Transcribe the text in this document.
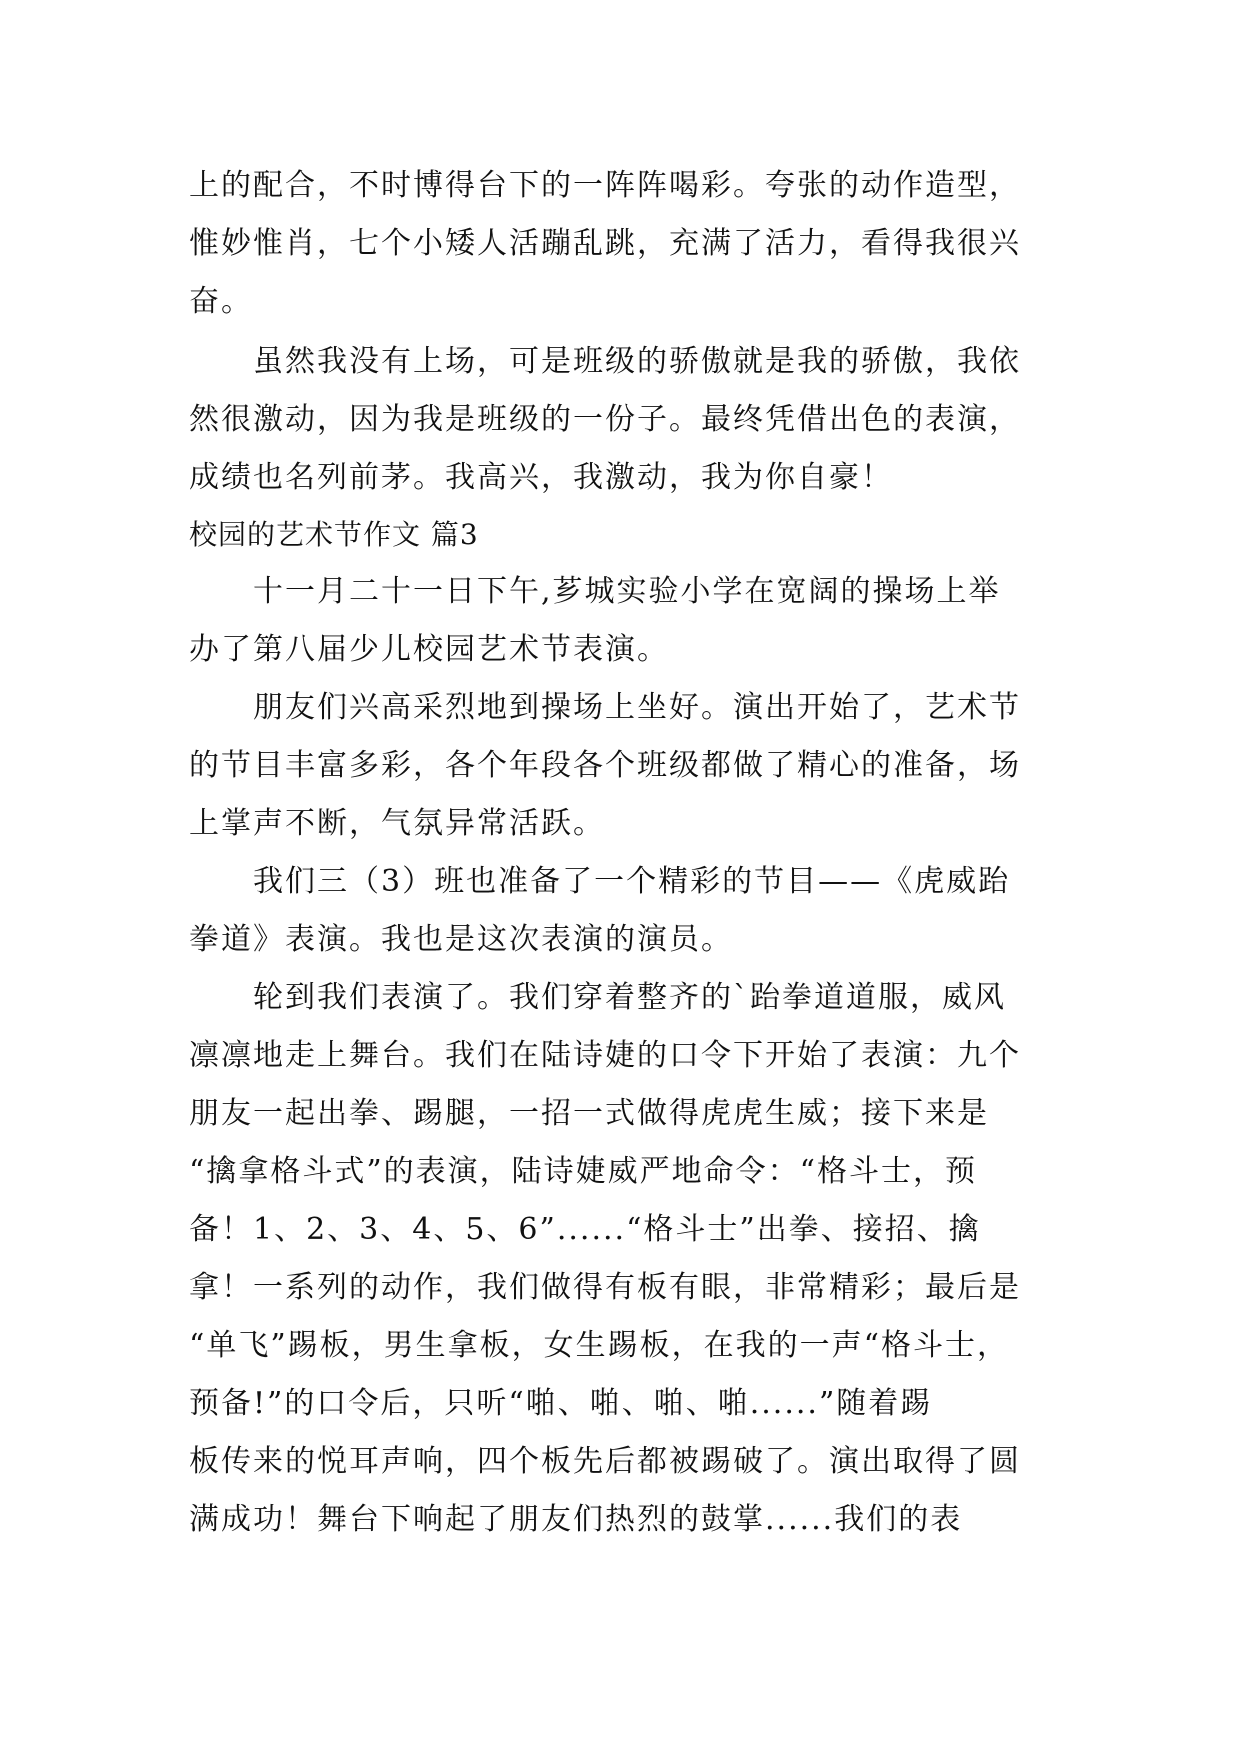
上的配合，不时博得台下的一阵阵喝彩。夸张的动作造型，
惟妙惟肖，七个小矮人活蹦乱跳，充满了活力，看得我很兴
奋。
虽然我没有上场，可是班级的骄傲就是我的骄傲，我依
然很激动，因为我是班级的一份子。最终凭借出色的表演，
成绩也名列前茅。我高兴，我激动，我为你自豪！
校园的艺术节作文 篇3
十一月二十一日下午,芗城实验小学在宽阔的操场上举
办了第八届少儿校园艺术节表演。
朋友们兴高采烈地到操场上坐好。演出开始了，艺术节
的节目丰富多彩，各个年段各个班级都做了精心的准备，场
上掌声不断，气氛异常活跃。
我们三（3）班也准备了一个精彩的节目——《虎威跆
拳道》表演。我也是这次表演的演员。
轮到我们表演了。我们穿着整齐的`跆拳道道服，威风
凛凛地走上舞台。我们在陆诗婕的口令下开始了表演：九个
朋友一起出拳、踢腿，一招一式做得虎虎生威；接下来是
“擒拿格斗式”的表演，陆诗婕威严地命令：“格斗士，预
备！1、2、3、4、5、6”......“格斗士”出拳、接招、擒
拿！一系列的动作，我们做得有板有眼，非常精彩；最后是
“单飞”踢板，男生拿板，女生踢板，在我的一声“格斗士，
预备!”的口令后，只听“啪、啪、啪、啪......”随着踢
板传来的悦耳声响，四个板先后都被踢破了。演出取得了圆
满成功！舞台下响起了朋友们热烈的鼓掌......我们的表
